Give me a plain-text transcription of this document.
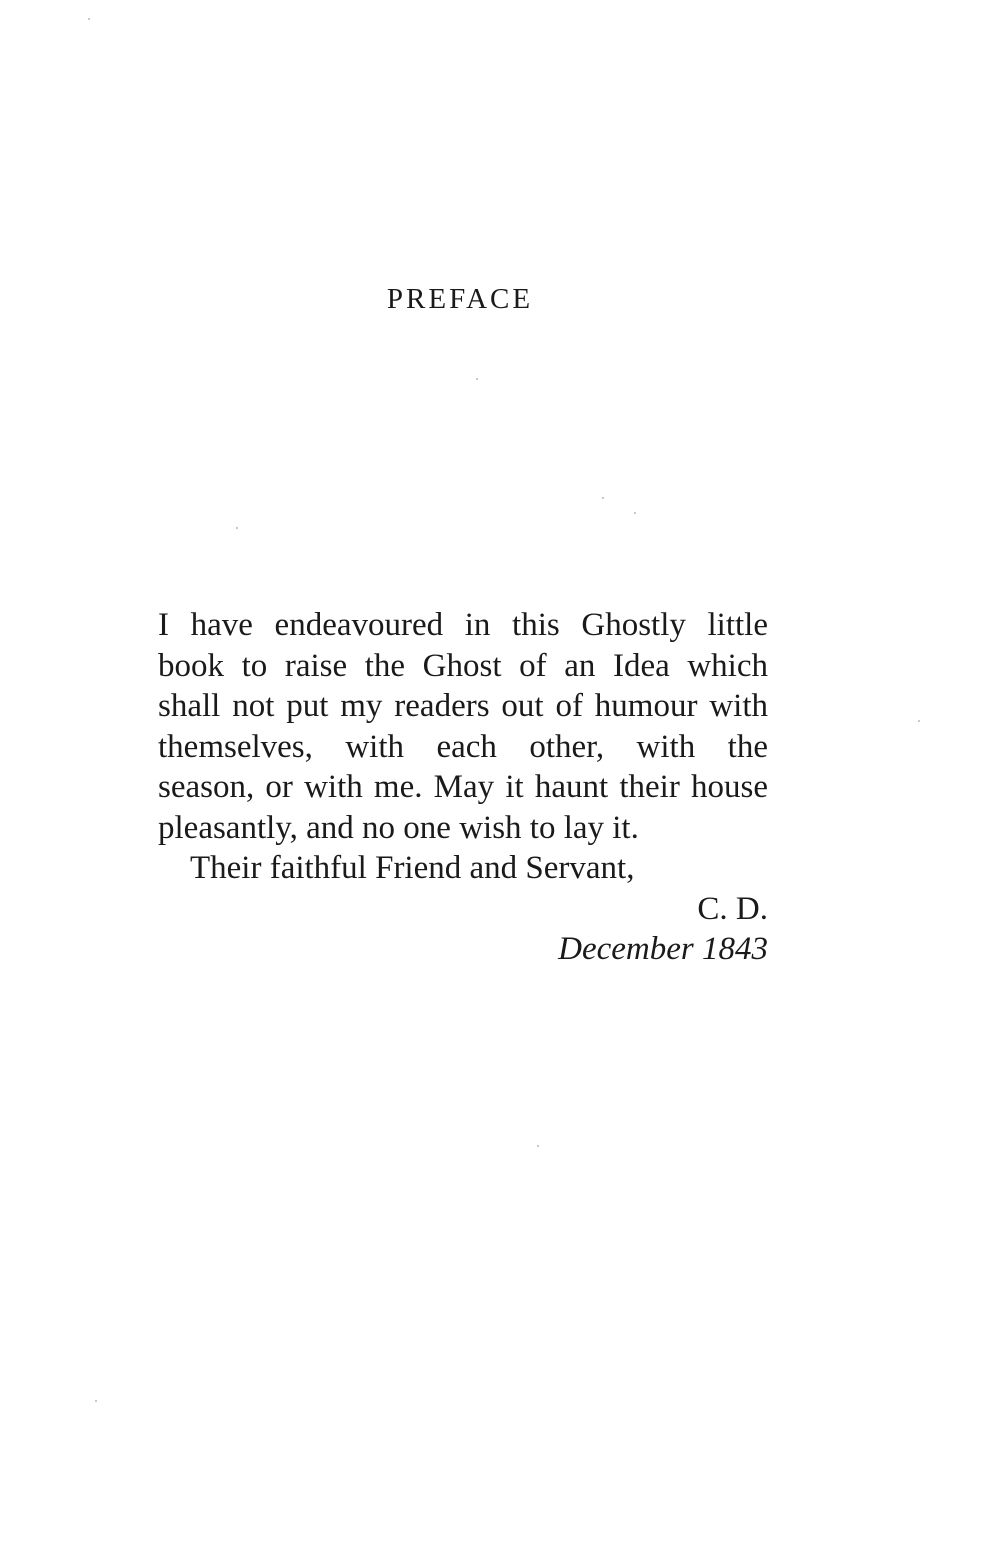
PREFACE

I have endeavoured in this Ghostly little
book to raise the Ghost of an Idea which
shall not put my readers out of humour with
themselves, with each other, with the
season, or with me. May it haunt their house
pleasantly, and no one wish to lay it.

Their faithful Friend and Servant,

C. D.

December 1843
